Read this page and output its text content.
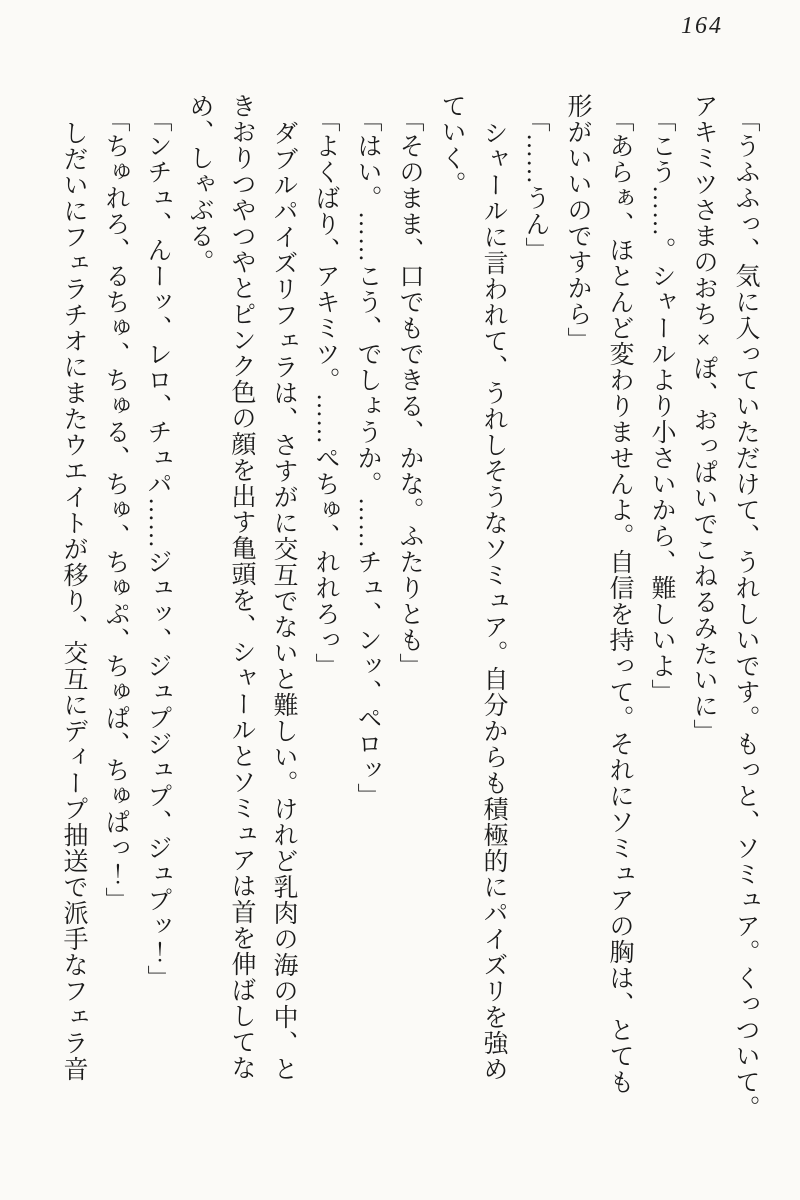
164

「うふふっ、気に入っていただけて、うれしいです。もっと、ソミュア。くっついて。

アキミツさまのおち×ぽ、おっぱいでこねるみたいに」

「こう……。シャールより小さいから、難しいよ」

「あらぁ、ほとんど変わりませんよ。自信を持って。それにソミュアの胸は、とても

形がいいのですから」

「……うん」

シャールに言われて、うれしそうなソミュア。自分からも積極的にパイズリを強め

ていく。

「そのまま、口でもできる、かな。ふたりとも」

「はい。……こう、でしょうか。……チュ、ンッ、ペロッ」

「よくばり、アキミツ。……ぺちゅ、れれろっ」

ダブルパイズリフェラは、さすがに交互でないと難しい。けれど乳肉の海の中、と

きおりつやつやとピンク色の顔を出す亀頭を、シャールとソミュアは首を伸ばしてな

め、しゃぶる。

「ンチュ、んーッ、レロ、チュパ……ジュッ、ジュプジュプ、ジュプッ！」

「ちゅれろ、るちゅ、ちゅる、ちゅ、ちゅぷ、ちゅぱ、ちゅぱっ！」

しだいにフェラチオにまたウエイトが移り、交互にディープ抽送で派手なフェラ音
